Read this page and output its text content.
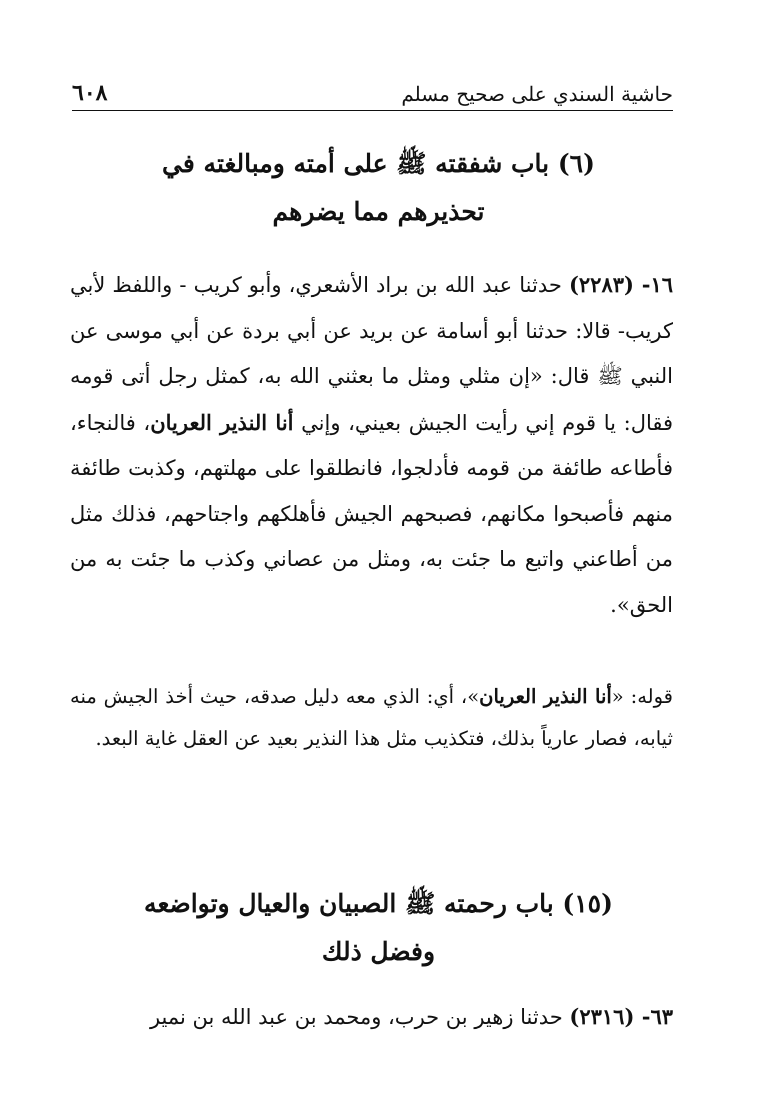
حاشية السندي على صحيح مسلم
٦٠٨
(٦) باب شفقته ﷺ على أمته ومبالغته في
تحذيرهم مما يضرهم
١٦- (٢٢٨٣) حدثنا عبد الله بن براد الأشعري، وأبو كريب - واللفظ لأبي كريب- قالا: حدثنا أبو أسامة عن بريد عن أبي بردة عن أبي موسى عن النبي ﷺ قال: «إن مثلي ومثل ما بعثني الله به، كمثل رجل أتى قومه فقال: يا قوم إني رأيت الجيش بعيني، وإني أنا النذير العريان، فالنجاء، فأطاعه طائفة من قومه فأدلجوا، فانطلقوا على مهلتهم، وكذبت طائفة منهم فأصبحوا مكانهم، فصبحهم الجيش فأهلكهم واجتاحهم، فذلك مثل من أطاعني واتبع ما جئت به، ومثل من عصاني وكذب ما جئت به من الحق».
قوله: «أنا النذير العريان»، أي: الذي معه دليل صدقه، حيث أخذ الجيش منه ثيابه، فصار عارياً بذلك، فتكذيب مثل هذا النذير بعيد عن العقل غاية البعد.
(١٥) باب رحمته ﷺ الصبيان والعيال وتواضعه
وفضل ذلك
٦٣- (٢٣١٦) حدثنا زهير بن حرب، ومحمد بن عبد الله بن نمير
